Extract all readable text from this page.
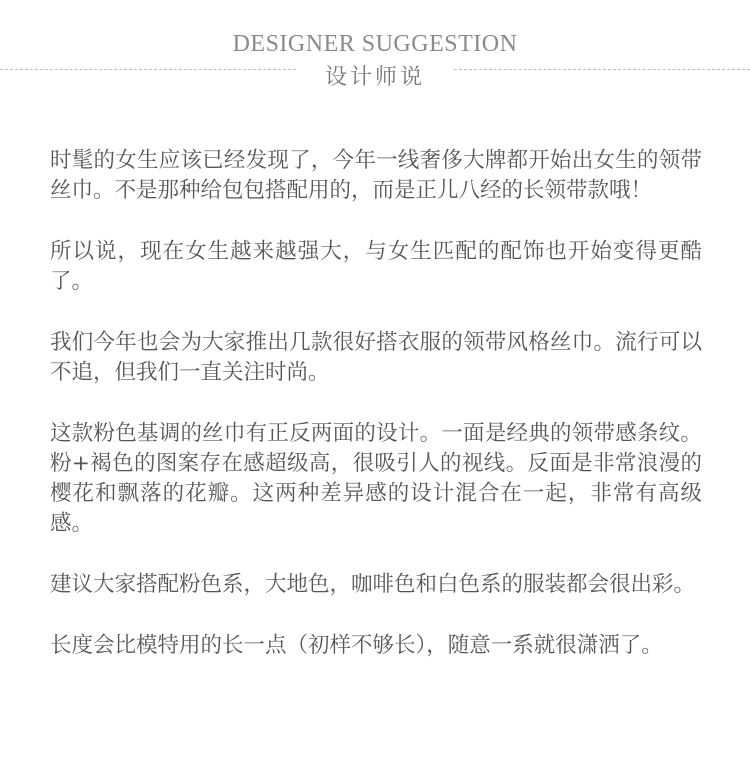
DESIGNER SUGGESTION
设计师说

时髦的女生应该已经发现了，今年一线奢侈大牌都开始出女生的领带丝巾。不是那种给包包搭配用的，而是正儿八经的长领带款哦！

所以说，现在女生越来越强大，与女生匹配的配饰也开始变得更酷了。

我们今年也会为大家推出几款很好搭衣服的领带风格丝巾。流行可以不追，但我们一直关注时尚。

这款粉色基调的丝巾有正反两面的设计。一面是经典的领带感条纹。粉+褐色的图案存在感超级高，很吸引人的视线。反面是非常浪漫的樱花和飘落的花瓣。这两种差异感的设计混合在一起，非常有高级感。

建议大家搭配粉色系，大地色，咖啡色和白色系的服装都会很出彩。

长度会比模特用的长一点（初样不够长），随意一系就很潇洒了。
